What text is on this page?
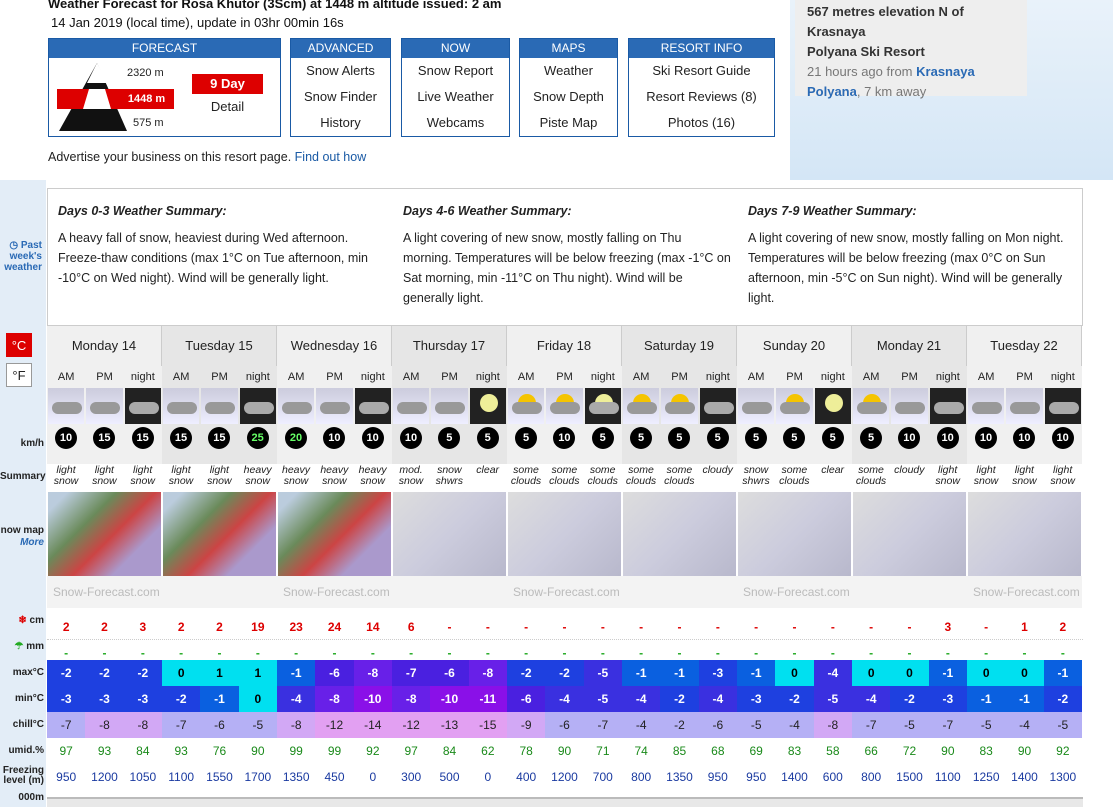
Weather Forecast for Rosa Khutor (3Scm) at 1448 m altitude issued: 2 am
14 Jan 2019 (local time), update in 03hr 00min 16s
FORECAST
2320 m
1448 m
575 m
9 Day
Detail
ADVANCED
Snow Alerts
Snow Finder
History
NOW
Snow Report
Live Weather
Webcams
MAPS
Weather
Snow Depth
Piste Map
RESORT INFO
Ski Resort Guide
Resort Reviews (8)
Photos (16)
Advertise your business on this resort page. Find out how
567 metres elevation N of Krasnaya
Polyana Ski Resort
21 hours ago from Krasnaya
Polyana, 7 km away
◷ Past week's weather
°C
°F
km/h
Summary
now map
More
❄ cm
☂ mm
max°C
min°C
chill°C
umid.%
Freezing level (m)
000m
Days 0-3 Weather Summary:
A heavy fall of snow, heaviest during Wed afternoon. Freeze-thaw conditions (max 1°C on Tue afternoon, min -10°C on Wed night). Wind will be generally light.
Days 4-6 Weather Summary:
A light covering of new snow, mostly falling on Thu morning. Temperatures will be below freezing (max -1°C on Sat morning, min -11°C on Thu night). Wind will be generally light.
Days 7-9 Weather Summary:
A light covering of new snow, mostly falling on Mon night. Temperatures will be below freezing (max 0°C on Sun afternoon, min -5°C on Sun night). Wind will be generally light.
Monday 14
AM
10
light snow
2
-
-2
-3
-7
97
950
PM
15
light snow
2
-
-2
-3
-8
93
1200
night
15
light snow
3
-
-2
-3
-8
84
1050
Snow-Forecast.com
Tuesday 15
AM
15
light snow
2
-
0
-2
-7
93
1100
PM
15
light snow
2
-
1
-1
-6
76
1550
night
25
heavy snow
19
-
1
0
-5
90
1700
Wednesday 16
AM
20
heavy snow
23
-
-1
-4
-8
99
1350
PM
10
heavy snow
24
-
-6
-8
-12
99
450
night
10
heavy snow
14
-
-8
-10
-14
92
0
Snow-Forecast.com
Thursday 17
AM
10
mod. snow
6
-
-7
-8
-12
97
300
PM
5
snow shwrs
-
-
-6
-10
-13
84
500
night
5
clear
-
-
-8
-11
-15
62
0
Friday 18
AM
5
some clouds
-
-
-2
-6
-9
78
400
PM
10
some clouds
-
-
-2
-4
-6
90
1200
night
5
some clouds
-
-
-5
-5
-7
71
700
Snow-Forecast.com
Saturday 19
AM
5
some clouds
-
-
-1
-4
-4
74
800
PM
5
some clouds
-
-
-1
-2
-2
85
1350
night
5
cloudy
-
-
-3
-4
-6
68
950
Sunday 20
AM
5
snow shwrs
-
-
-1
-3
-5
69
950
PM
5
some clouds
-
-
0
-2
-4
83
1400
night
5
clear
-
-
-4
-5
-8
58
600
Snow-Forecast.com
Monday 21
AM
5
some clouds
-
-
0
-4
-7
66
800
PM
10
cloudy
-
-
0
-2
-5
72
1500
night
10
light snow
3
-
-1
-3
-7
90
1100
Tuesday 22
AM
10
light snow
-
-
0
-1
-5
83
1250
PM
10
light snow
1
-
0
-1
-4
90
1400
night
10
light snow
2
-
-1
-2
-5
92
1300
Snow-Forecast.com
